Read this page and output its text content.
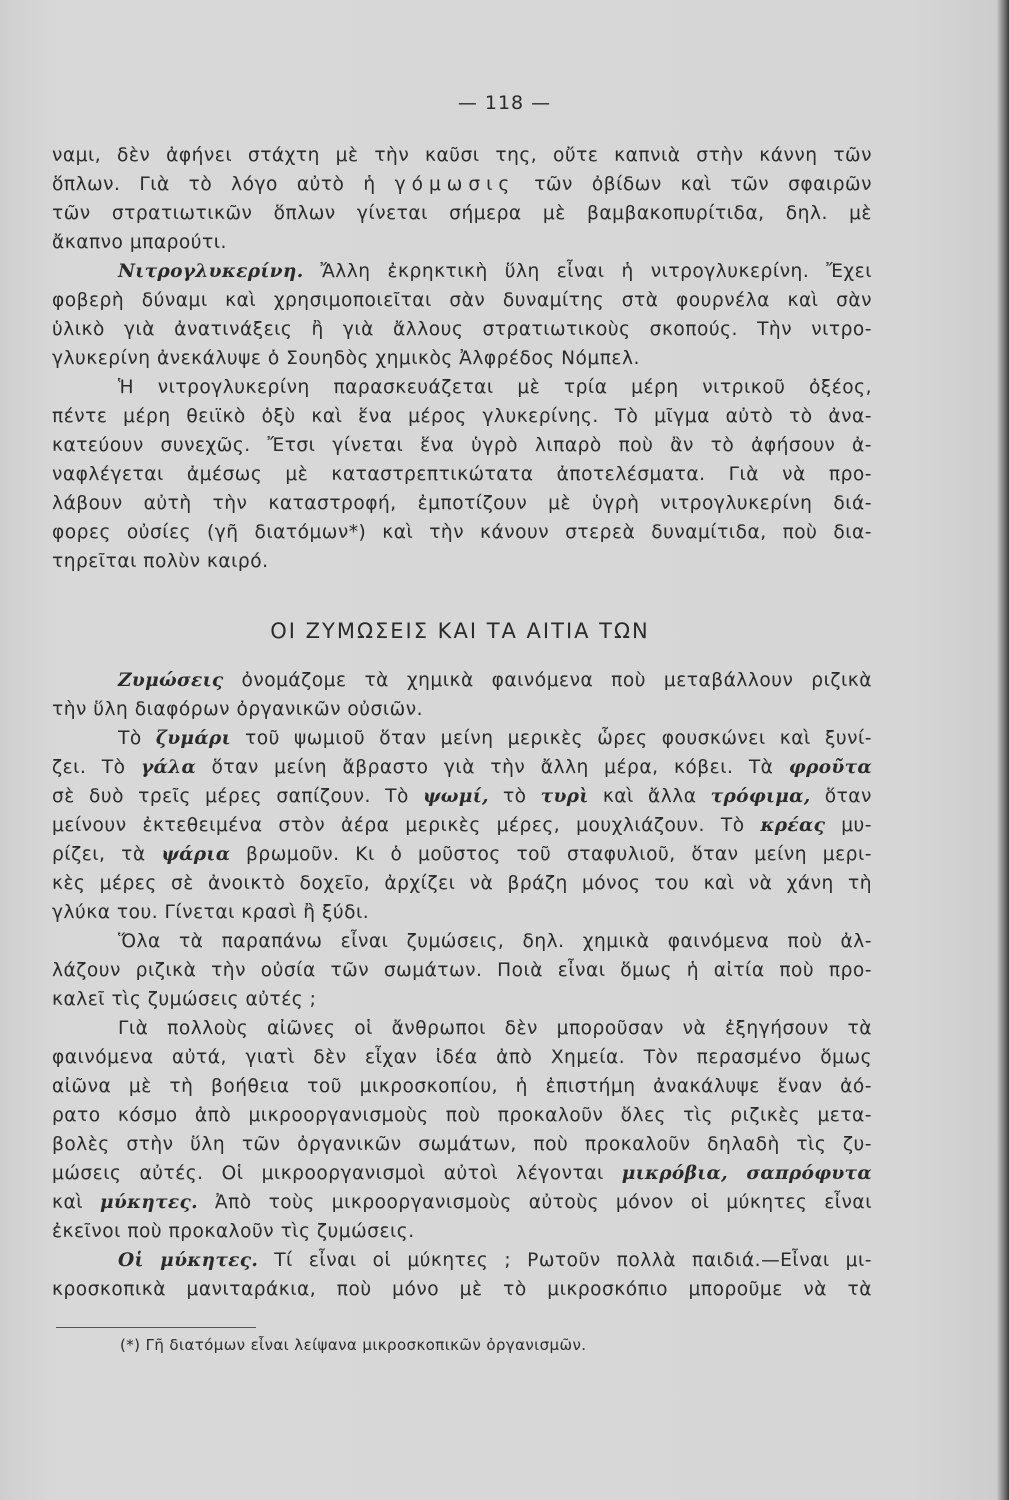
— 118 —
ναμι, δὲν ἀφήνει στάχτη μὲ τὴν καῦσι της, οὔτε καπνιὰ στὴν κάννη τῶν
ὅπλων. Γιὰ τὸ λόγο αὐτὸ ἡ γόμωσις τῶν ὀβίδων καὶ τῶν σφαιρῶν
τῶν στρατιωτικῶν ὅπλων γίνεται σήμερα μὲ βαμβακοπυρίτιδα, δηλ. μὲ
ἄκαπνο μπαρούτι.
Νιτρογλυκερίνη. Ἄλλη ἐκρηκτικὴ ὕλη εἶναι ἡ νιτρογλυκερίνη. Ἔχει
φοβερὴ δύναμι καὶ χρησιμοποιεῖται σὰν δυναμίτης στὰ φουρνέλα καὶ σὰν
ὑλικὸ γιὰ ἀνατινάξεις ἢ γιὰ ἄλλους στρατιωτικοὺς σκοπούς. Τὴν νιτρο-
γλυκερίνη ἀνεκάλυψε ὁ Σουηδὸς χημικὸς Ἀλφρέδος Νόμπελ.
Ἡ νιτρογλυκερίνη παρασκευάζεται μὲ τρία μέρη νιτρικοῦ ὀξέος,
πέντε μέρη θειϊκὸ ὀξὺ καὶ ἕνα μέρος γλυκερίνης. Τὸ μῖγμα αὐτὸ τὸ ἀνα-
κατεύουν συνεχῶς. Ἔτσι γίνεται ἕνα ὑγρὸ λιπαρὸ ποὺ ἂν τὸ ἀφήσουν ἀ-
ναφλέγεται ἀμέσως μὲ καταστρεπτικώτατα ἀποτελέσματα. Γιὰ νὰ προ-
λάβουν αὐτὴ τὴν καταστροφή, ἐμποτίζουν μὲ ὑγρὴ νιτρογλυκερίνη διά-
φορες οὐσίες (γῆ διατόμων*) καὶ τὴν κάνουν στερεὰ δυναμίτιδα, ποὺ δια-
τηρεῖται πολὺν καιρό.
ΟΙ ΖΥΜΩΣΕΙΣ ΚΑΙ ΤΑ ΑΙΤΙΑ ΤΩΝ
Ζυμώσεις ὀνομάζομε τὰ χημικὰ φαινόμενα ποὺ μεταβάλλουν ριζικὰ
τὴν ὕλη διαφόρων ὀργανικῶν οὐσιῶν.
Τὸ ζυμάρι τοῦ ψωμιοῦ ὅταν μείνη μερικὲς ὧρες φουσκώνει καὶ ξυνί-
ζει. Τὸ γάλα ὅταν μείνη ἄβραστο γιὰ τὴν ἄλλη μέρα, κόβει. Τὰ φροῦτα
σὲ δυὸ τρεῖς μέρες σαπίζουν. Τὸ ψωμί, τὸ τυρὶ καὶ ἄλλα τρόφιμα, ὅταν
μείνουν ἐκτεθειμένα στὸν ἀέρα μερικὲς μέρες, μουχλιάζουν. Τὸ κρέας μυ-
ρίζει, τὰ ψάρια βρωμοῦν. Κι ὁ μοῦστος τοῦ σταφυλιοῦ, ὅταν μείνη μερι-
κὲς μέρες σὲ ἀνοικτὸ δοχεῖο, ἀρχίζει νὰ βράζη μόνος του καὶ νὰ χάνη τὴ
γλύκα του. Γίνεται κρασὶ ἢ ξύδι.
Ὅλα τὰ παραπάνω εἶναι ζυμώσεις, δηλ. χημικὰ φαινόμενα ποὺ ἀλ-
λάζουν ριζικὰ τὴν οὐσία τῶν σωμάτων. Ποιὰ εἶναι ὅμως ἡ αἰτία ποὺ προ-
καλεῖ τὶς ζυμώσεις αὐτές ;
Γιὰ πολλοὺς αἰῶνες οἱ ἄνθρωποι δὲν μποροῦσαν νὰ ἐξηγήσουν τὰ
φαινόμενα αὐτά, γιατὶ δὲν εἶχαν ἰδέα ἀπὸ Χημεία. Τὸν περασμένο ὅμως
αἰῶνα μὲ τὴ βοήθεια τοῦ μικροσκοπίου, ἡ ἐπιστήμη ἀνακάλυψε ἕναν ἀό-
ρατο κόσμο ἀπὸ μικροοργανισμοὺς ποὺ προκαλοῦν ὅλες τὶς ριζικὲς μετα-
βολὲς στὴν ὕλη τῶν ὀργανικῶν σωμάτων, ποὺ προκαλοῦν δηλαδὴ τὶς ζυ-
μώσεις αὐτές. Οἱ μικροοργανισμοὶ αὐτοὶ λέγονται μικρόβια, σαπρόφυτα
καὶ μύκητες. Ἀπὸ τοὺς μικροοργανισμοὺς αὐτοὺς μόνον οἱ μύκητες εἶναι
ἐκεῖνοι ποὺ προκαλοῦν τὶς ζυμώσεις.
Οἱ μύκητες. Τί εἶναι οἱ μύκητες ; Ρωτοῦν πολλὰ παιδιά.—Εἶναι μι-
κροσκοπικὰ μανιταράκια, ποὺ μόνο μὲ τὸ μικροσκόπιο μποροῦμε νὰ τὰ
(*) Γῆ διατόμων εἶναι λείψανα μικροσκοπικῶν ὀργανισμῶν.
